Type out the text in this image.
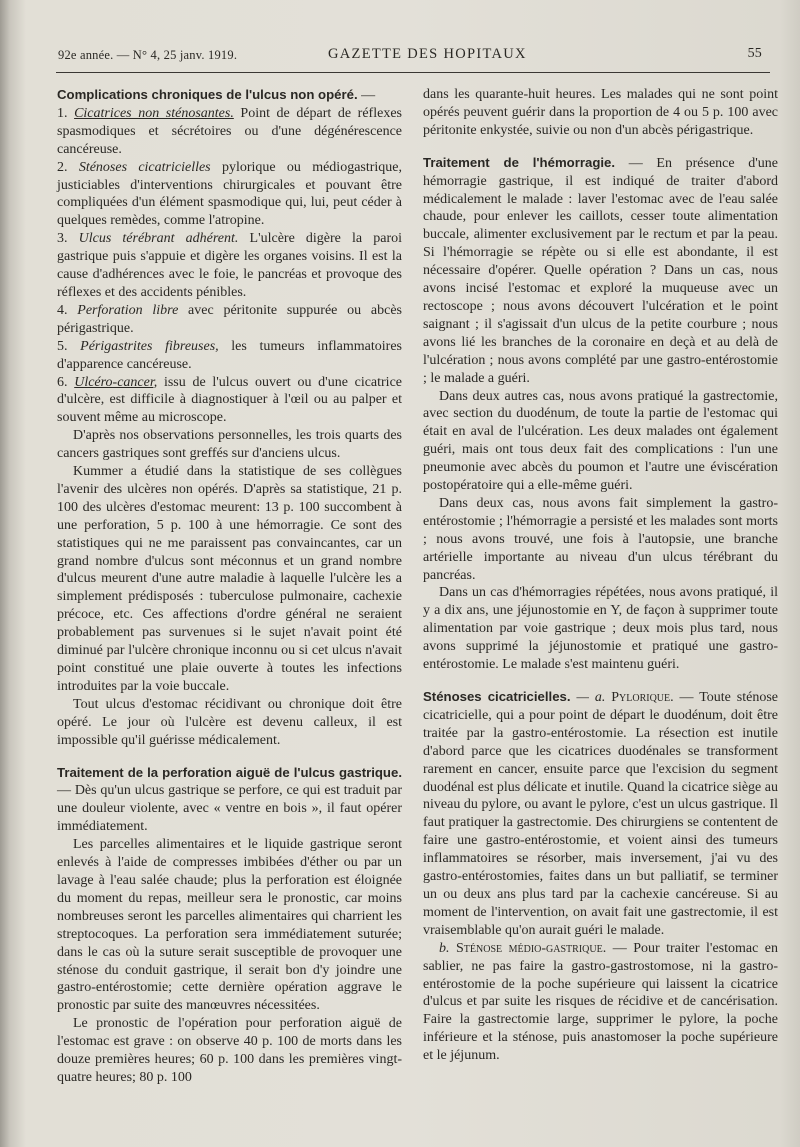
92e année. — N° 4, 25 janv. 1919.	GAZETTE DES HOPITAUX	55

Complications chroniques de l'ulcus non opéré. —

1. Cicatrices non sténosantes. Point de départ de réflexes spasmodiques et sécrétoires ou d'une dégénérescence cancéreuse.

2. Sténoses cicatricielles pylorique ou médiogastrique, justiciables d'interventions chirurgicales et pouvant être compliquées d'un élément spasmodique qui, lui, peut céder à quelques remèdes, comme l'atropine.

3. Ulcus térébrant adhérent. L'ulcère digère la paroi gastrique puis s'appuie et digère les organes voisins. Il est la cause d'adhérences avec le foie, le pancréas et provoque des réflexes et des accidents pénibles.

4. Perforation libre avec péritonite suppurée ou abcès périgastrique.

5. Périgastrites fibreuses, les tumeurs inflammatoires d'apparence cancéreuse.

6. Ulcéro-cancer, issu de l'ulcus ouvert ou d'une cicatrice d'ulcère, est difficile à diagnostiquer à l'œil ou au palper et souvent même au microscope.

D'après nos observations personnelles, les trois quarts des cancers gastriques sont greffés sur d'anciens ulcus.

Kummer a étudié dans la statistique de ses collègues l'avenir des ulcères non opérés. D'après sa statistique, 21 p. 100 des ulcères d'estomac meurent: 13 p. 100 succombent à une perforation, 5 p. 100 à une hémorragie. Ce sont des statistiques qui ne me paraissent pas convaincantes, car un grand nombre d'ulcus sont méconnus et un grand nombre d'ulcus meurent d'une autre maladie à laquelle l'ulcère les a simplement prédisposés : tuberculose pulmonaire, cachexie précoce, etc. Ces affections d'ordre général ne seraient probablement pas survenues si le sujet n'avait point été diminué par l'ulcère chronique inconnu ou si cet ulcus n'avait point constitué une plaie ouverte à toutes les infections introduites par la voie buccale.

Tout ulcus d'estomac récidivant ou chronique doit être opéré. Le jour où l'ulcère est devenu calleux, il est impossible qu'il guérisse médicalement.

Traitement de la perforation aiguë de l'ulcus gastrique. — Dès qu'un ulcus gastrique se perfore, ce qui est traduit par une douleur violente, avec « ventre en bois », il faut opérer immédiatement.

Les parcelles alimentaires et le liquide gastrique seront enlevés à l'aide de compresses imbibées d'éther ou par un lavage à l'eau salée chaude; plus la perforation est éloignée du moment du repas, meilleur sera le pronostic, car moins nombreuses seront les parcelles alimentaires qui charrient les streptocoques. La perforation sera immédiatement suturée; dans le cas où la suture serait susceptible de provoquer une sténose du conduit gastrique, il serait bon d'y joindre une gastro-entérostomie; cette dernière opération aggrave le pronostic par suite des manœuvres nécessitées.

Le pronostic de l'opération pour perforation aiguë de l'estomac est grave : on observe 40 p. 100 de morts dans les douze premières heures; 60 p. 100 dans les premières vingt-quatre heures; 80 p. 100

dans les quarante-huit heures. Les malades qui ne sont point opérés peuvent guérir dans la proportion de 4 ou 5 p. 100 avec péritonite enkystée, suivie ou non d'un abcès périgastrique.

Traitement de l'hémorragie. — En présence d'une hémorragie gastrique, il est indiqué de traiter d'abord médicalement le malade : laver l'estomac avec de l'eau salée chaude, pour enlever les caillots, cesser toute alimentation buccale, alimenter exclusivement par le rectum et par la peau. Si l'hémorragie se répète ou si elle est abondante, il est nécessaire d'opérer. Quelle opération ? Dans un cas, nous avons incisé l'estomac et exploré la muqueuse avec un rectoscope ; nous avons découvert l'ulcération et le point saignant ; il s'agissait d'un ulcus de la petite courbure ; nous avons lié les branches de la coronaire en deçà et au delà de l'ulcération ; nous avons complété par une gastro-entérostomie ; le malade a guéri.

Dans deux autres cas, nous avons pratiqué la gastrectomie, avec section du duodénum, de toute la partie de l'estomac qui était en aval de l'ulcération. Les deux malades ont également guéri, mais ont tous deux fait des complications : l'un une pneumonie avec abcès du poumon et l'autre une éviscération postopératoire qui a elle-même guéri.

Dans deux cas, nous avons fait simplement la gastro-entérostomie ; l'hémorragie a persisté et les malades sont morts ; nous avons trouvé, une fois à l'autopsie, une branche artérielle importante au niveau d'un ulcus térébrant du pancréas.

Dans un cas d'hémorragies répétées, nous avons pratiqué, il y a dix ans, une jéjunostomie en Y, de façon à supprimer toute alimentation par voie gastrique ; deux mois plus tard, nous avons supprimé la jéjunostomie et pratiqué une gastro-entérostomie. Le malade s'est maintenu guéri.

Sténoses cicatricielles. — a. Pylorique. — Toute sténose cicatricielle, qui a pour point de départ le duodénum, doit être traitée par la gastro-entérostomie. La résection est inutile d'abord parce que les cicatrices duodénales se transforment rarement en cancer, ensuite parce que l'excision du segment duodénal est plus délicate et inutile. Quand la cicatrice siège au niveau du pylore, ou avant le pylore, c'est un ulcus gastrique. Il faut pratiquer la gastrectomie. Des chirurgiens se contentent de faire une gastro-entérostomie, et voient ainsi des tumeurs inflammatoires se résorber, mais inversement, j'ai vu des gastro-entérostomies, faites dans un but palliatif, se terminer un ou deux ans plus tard par la cachexie cancéreuse. Si au moment de l'intervention, on avait fait une gastrectomie, il est vraisemblable qu'on aurait guéri le malade.

b. Sténose médio-gastrique. — Pour traiter l'estomac en sablier, ne pas faire la gastro-gastrostomose, ni la gastro-entérostomie de la poche supérieure qui laissent la cicatrice d'ulcus et par suite les risques de récidive et de cancérisation. Faire la gastrectomie large, supprimer le pylore, la poche inférieure et la sténose, puis anastomoser la poche supérieure et le jéjunum.
